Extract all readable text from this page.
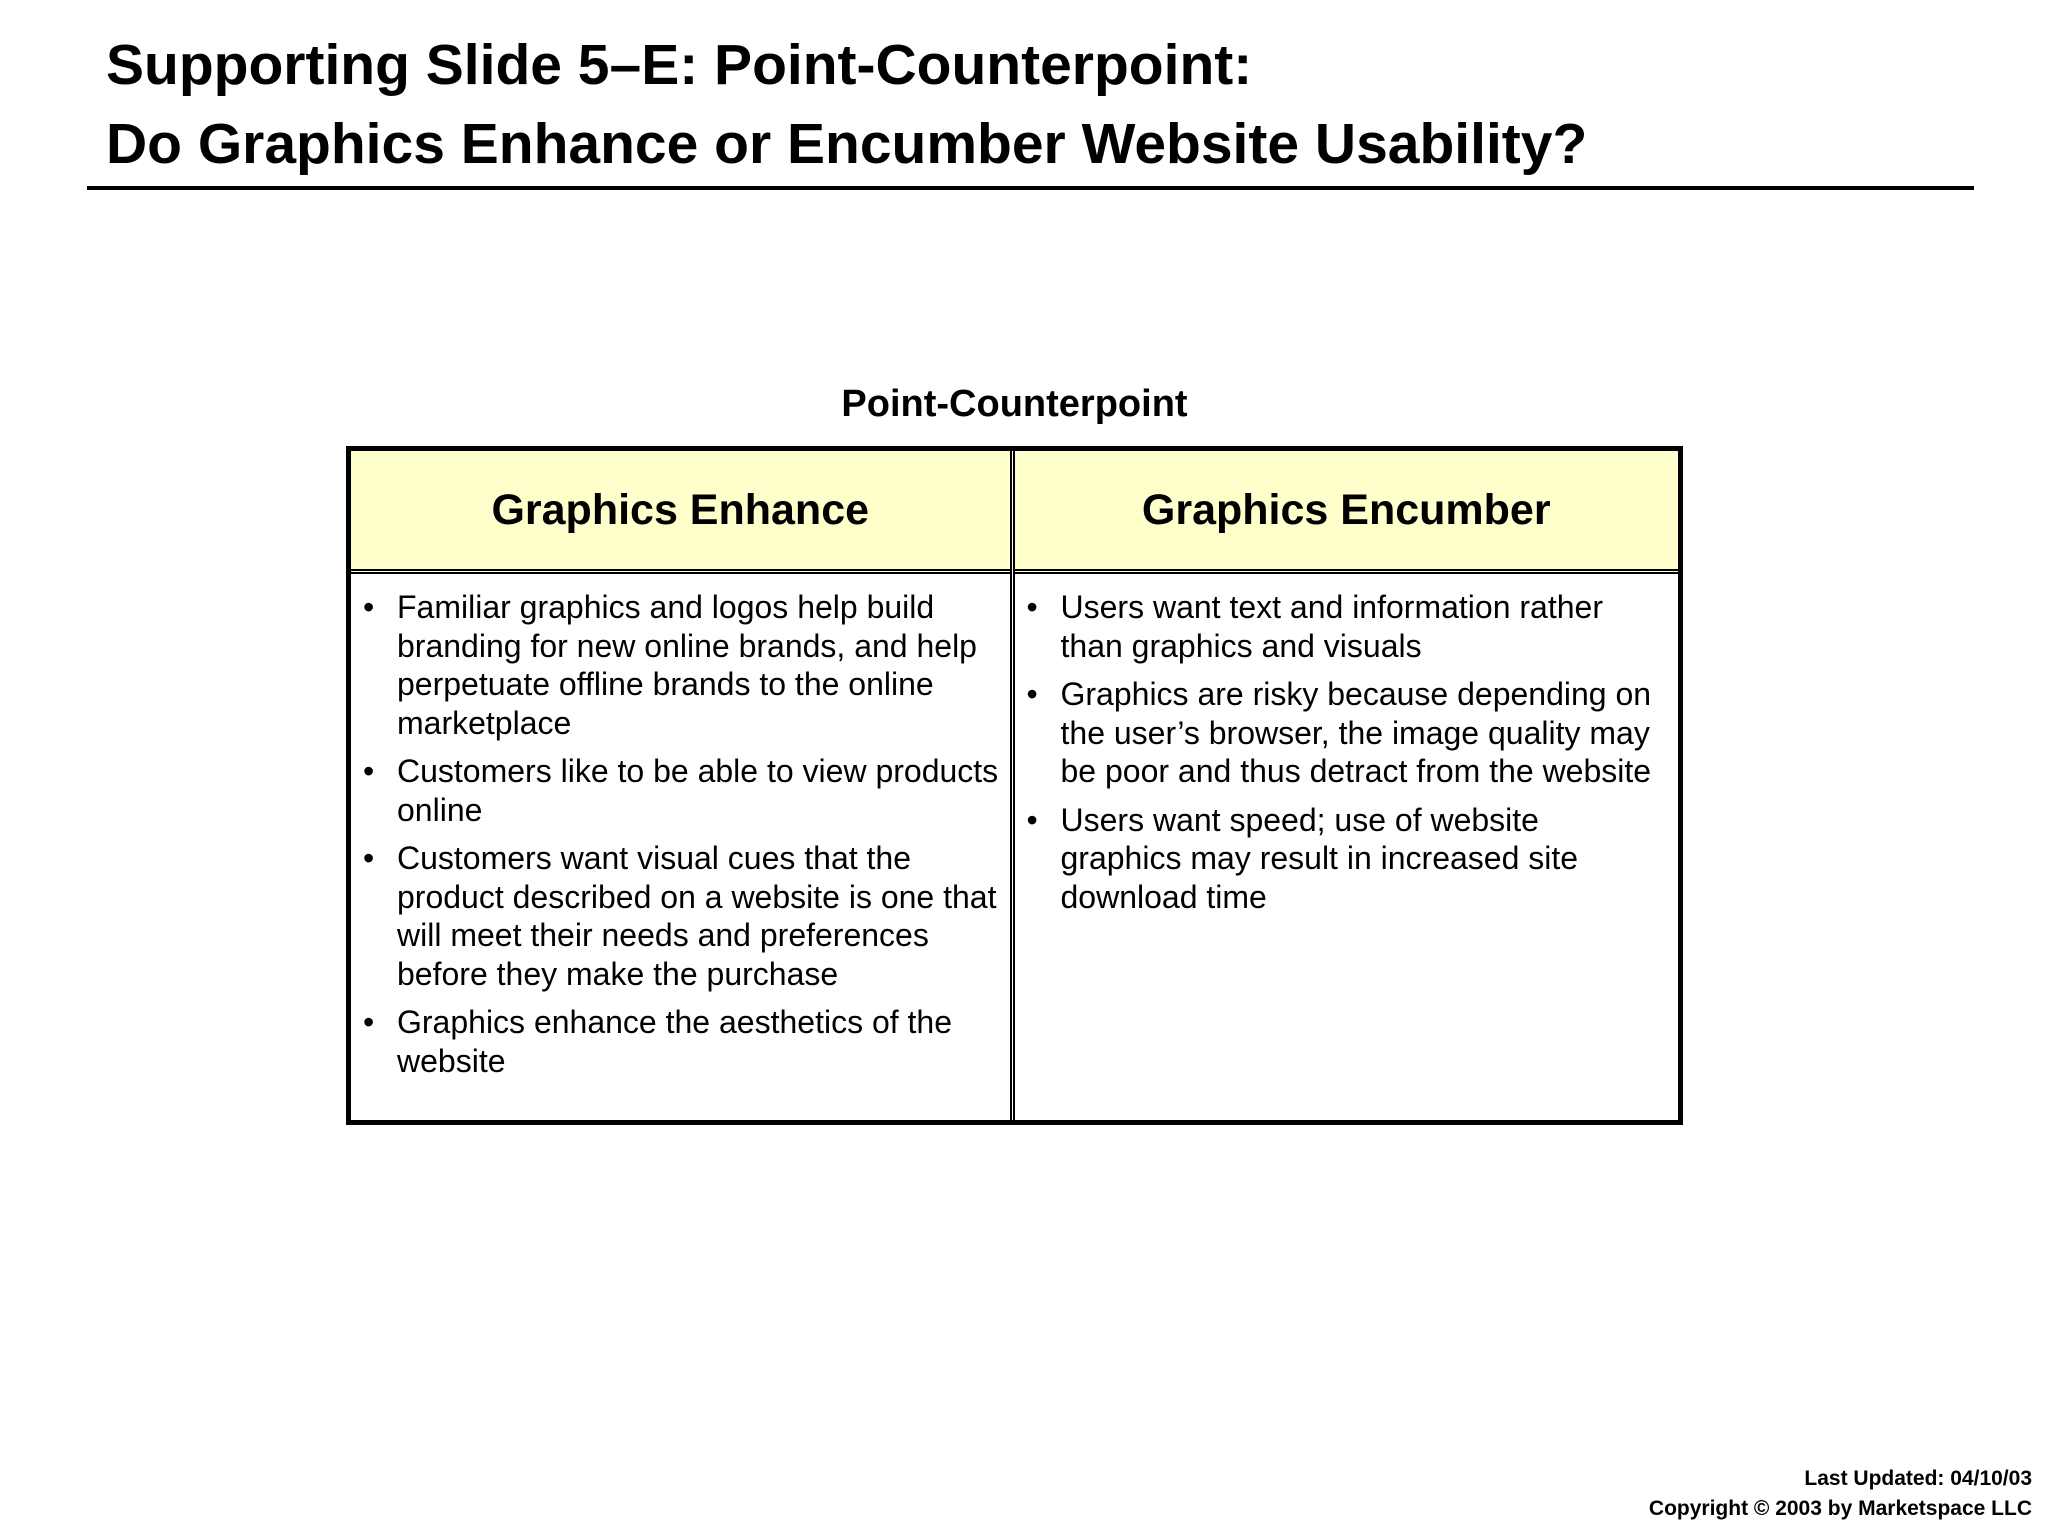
Supporting Slide 5–E: Point-Counterpoint:
Do Graphics Enhance or Encumber Website Usability?
Point-Counterpoint
Graphics Enhance
• Familiar graphics and logos help build branding for new online brands, and help perpetuate offline brands to the online marketplace
• Customers like to be able to view products online
• Customers want visual cues that the product described on a website is one that will meet their needs and preferences before they make the purchase
• Graphics enhance the aesthetics of the website
Graphics Encumber
• Users want text and information rather than graphics and visuals
• Graphics are risky because depending on the user’s browser, the image quality may be poor and thus detract from the website
• Users want speed; use of website graphics may result in increased site download time
Last Updated: 04/10/03
Copyright © 2003 by Marketspace LLC
